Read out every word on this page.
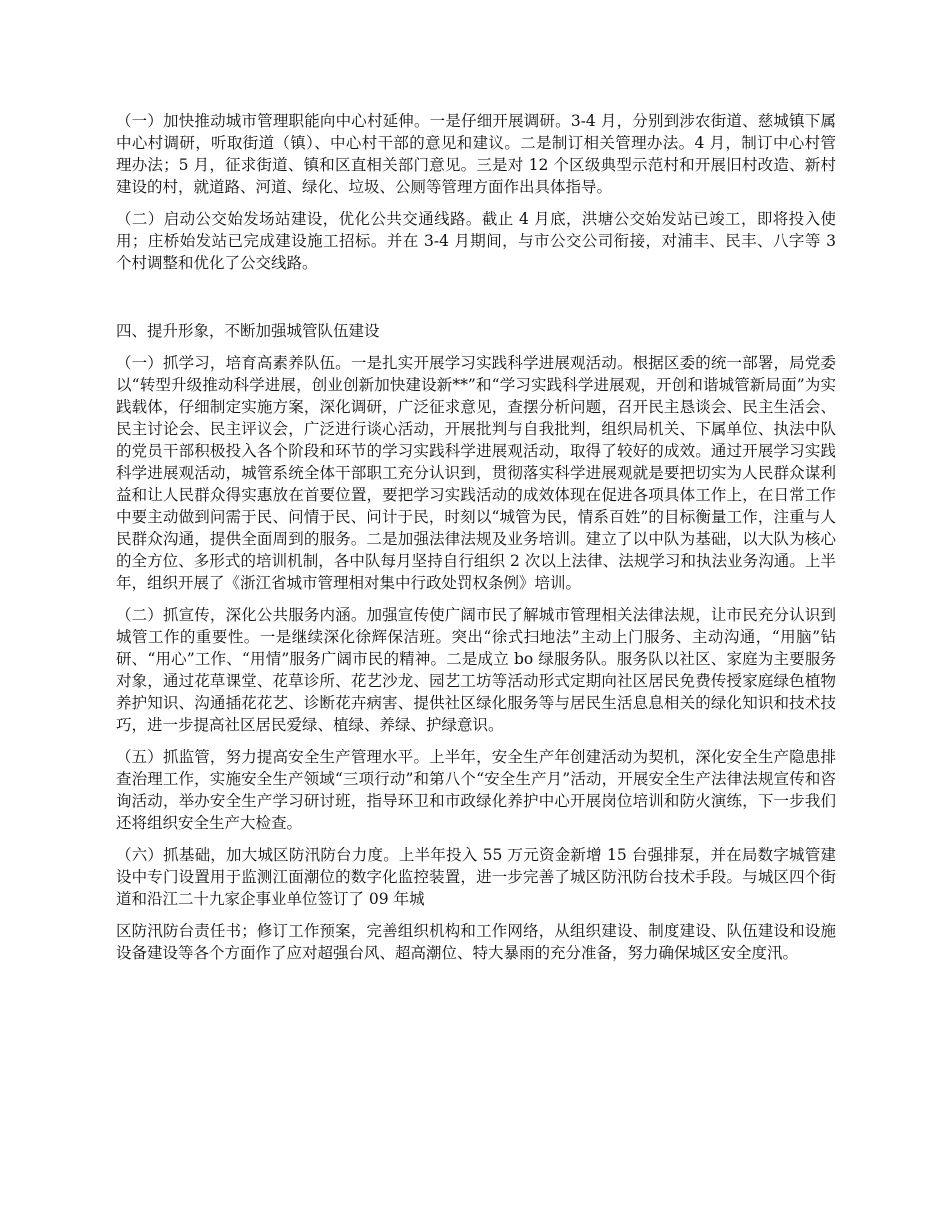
（一）加快推动城市管理职能向中心村延伸。一是仔细开展调研。3-4 月，分别到涉农街道、慈城镇下属中心村调研，听取街道（镇）、中心村干部的意见和建议。二是制订相关管理办法。4 月，制订中心村管理办法；5 月，征求街道、镇和区直相关部门意见。三是对 12 个区级典型示范村和开展旧村改造、新村建设的村，就道路、河道、绿化、垃圾、公厕等管理方面作出具体指导。

（二）启动公交始发场站建设，优化公共交通线路。截止 4 月底，洪塘公交始发站已竣工，即将投入使用；庄桥始发站已完成建设施工招标。并在 3-4 月期间，与市公交公司衔接，对浦丰、民丰、八字等 3 个村调整和优化了公交线路。

四、提升形象，不断加强城管队伍建设

（一）抓学习，培育高素养队伍。一是扎实开展学习实践科学进展观活动。根据区委的统一部署，局党委以“转型升级推动科学进展，创业创新加快建设新**”和“学习实践科学进展观，开创和谐城管新局面”为实践载体，仔细制定实施方案，深化调研，广泛征求意见，查摆分析问题，召开民主恳谈会、民主生活会、民主讨论会、民主评议会，广泛进行谈心活动，开展批判与自我批判，组织局机关、下属单位、执法中队的党员干部积极投入各个阶段和环节的学习实践科学进展观活动，取得了较好的成效。通过开展学习实践科学进展观活动，城管系统全体干部职工充分认识到，贯彻落实科学进展观就是要把切实为人民群众谋利益和让人民群众得实惠放在首要位置，要把学习实践活动的成效体现在促进各项具体工作上，在日常工作中要主动做到问需于民、问情于民、问计于民，时刻以“城管为民，情系百姓”的目标衡量工作，注重与人民群众沟通，提供全面周到的服务。二是加强法律法规及业务培训。建立了以中队为基础，以大队为核心的全方位、多形式的培训机制，各中队每月坚持自行组织 2 次以上法律、法规学习和执法业务沟通。上半年，组织开展了《浙江省城市管理相对集中行政处罚权条例》培训。

（二）抓宣传，深化公共服务内涵。加强宣传使广阔市民了解城市管理相关法律法规，让市民充分认识到城管工作的重要性。一是继续深化徐辉保洁班。突出“徐式扫地法”主动上门服务、主动沟通，“用脑”钻研、“用心”工作、“用情”服务广阔市民的精神。二是成立 bo 绿服务队。服务队以社区、家庭为主要服务对象，通过花草课堂、花草诊所、花艺沙龙、园艺工坊等活动形式定期向社区居民免费传授家庭绿色植物养护知识、沟通插花花艺、诊断花卉病害、提供社区绿化服务等与居民生活息息相关的绿化知识和技术技巧，进一步提高社区居民爱绿、植绿、养绿、护绿意识。

（五）抓监管，努力提高安全生产管理水平。上半年，安全生产年创建活动为契机，深化安全生产隐患排查治理工作，实施安全生产领域“三项行动”和第八个“安全生产月”活动，开展安全生产法律法规宣传和咨询活动，举办安全生产学习研讨班，指导环卫和市政绿化养护中心开展岗位培训和防火演练，下一步我们还将组织安全生产大检查。

（六）抓基础，加大城区防汛防台力度。上半年投入 55 万元资金新增 15 台强排泵，并在局数字城管建设中专门设置用于监测江面潮位的数字化监控装置，进一步完善了城区防汛防台技术手段。与城区四个街道和沿江二十九家企事业单位签订了 09 年城

区防汛防台责任书；修订工作预案，完善组织机构和工作网络，从组织建设、制度建设、队伍建设和设施设备建设等各个方面作了应对超强台风、超高潮位、特大暴雨的充分准备，努力确保城区安全度汛。
